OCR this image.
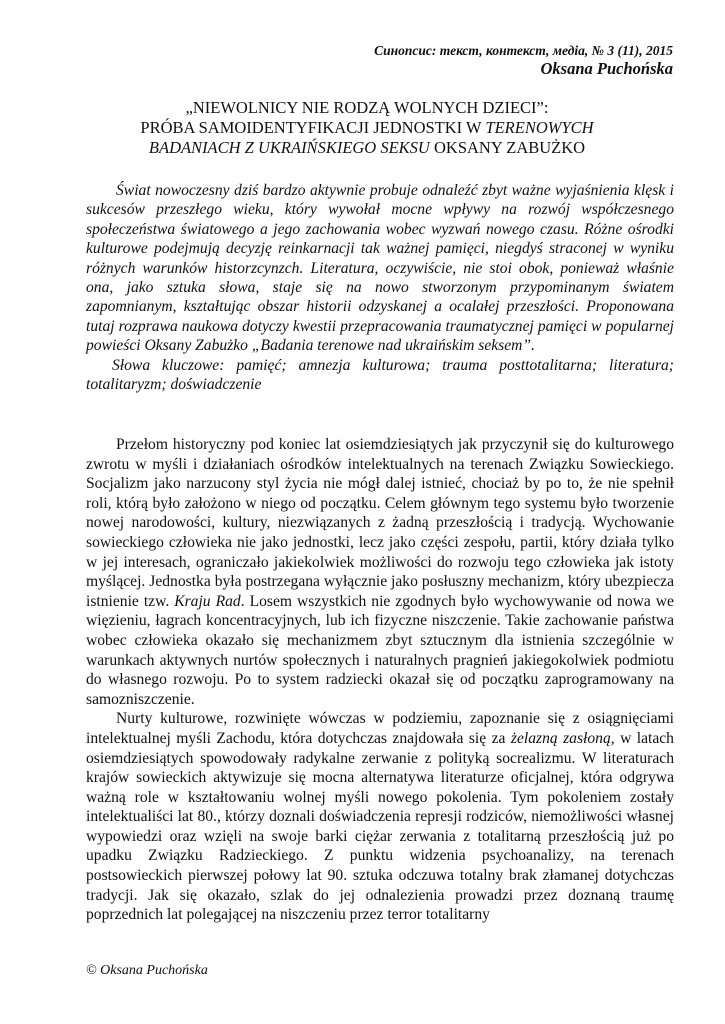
Синопсис: текст, контекст, медіа, № 3 (11), 2015
Oksana Puchońska
„NIEWOLNICY NIE RODZĄ WOLNYCH DZIECI”:
PRÓBA SAMOIDENTYFIKACJI JEDNOSTKI W TERENOWYCH
BADANIACH Z UKRAIŃSKIEGO SEKSU OKSANY ZABUŻKO

Świat nowoczesny dziś bardzo aktywnie probuje odnaleźć zbyt ważne wyjaśnienia klęsk i sukcesów przeszłego wieku, który wywołał mocne wpływy na rozwój współczesnego społeczeństwa światowego a jego zachowania wobec wyzwań nowego czasu. Różne ośrodki kulturowe podejmują decyzję reinkarnacji tak ważnej pamięci, niegdyś straconej w wyniku różnych warunków historzcynzch. Literatura, oczywiście, nie stoi obok, ponieważ właśnie ona, jako sztuka słowa, staje się na nowo stworzonym przypominanym światem zapomnianym, kształtując obszar historii odzyskanej a ocalałej przeszłości. Proponowana tutaj rozprawa naukowa dotyczy kwestii przepracowania traumatycznej pamięci w popularnej powieści Oksany Zabużko „Badania terenowe nad ukraińskim seksem”.

Słowa kluczowe: pamięć; amnezja kulturowa; trauma posttotalitarna; literatura; totalitaryzm; doświadczenie

Przełom historyczny pod koniec lat osiemdziesiątych jak przyczynił się do kulturowego zwrotu w myśli i działaniach ośrodków intelektualnych na terenach Związku Sowieckiego. Socjalizm jako narzucony styl życia nie mógł dalej istnieć, chociaż by po to, że nie spełnił roli, którą było założono w niego od początku. Celem głównym tego systemu było tworzenie nowej narodowości, kultury, niezwiązanych z żadną przeszłością i tradycją. Wychowanie sowieckiego człowieka nie jako jednostki, lecz jako części zespołu, partii, który działa tylko w jej interesach, ograniczało jakiekolwiek możliwości do rozwoju tego człowieka jak istoty myślącej. Jednostka była postrzegana wyłącznie jako posłuszny mechanizm, który ubezpiecza istnienie tzw. Kraju Rad. Losem wszystkich nie zgodnych było wychowywanie od nowa we więzieniu, łagrach koncentracyjnych, lub ich fizyczne niszczenie. Takie zachowanie państwa wobec człowieka okazało się mechanizmem zbyt sztucznym dla istnienia szczególnie w warunkach aktywnych nurtów społecznych i naturalnych pragnień jakiegokolwiek podmiotu do własnego rozwoju. Po to system radziecki okazał się od początku zaprogramowany na samozniszczenie.

Nurty kulturowe, rozwinięte wówczas w podziemiu, zapoznanie się z osiągnięciami intelektualnej myśli Zachodu, która dotychczas znajdowała się za żelazną zasłoną, w latach osiemdziesiątych spowodowały radykalne zerwanie z polityką socrealizmu. W literaturach krajów sowieckich aktywizuje się mocna alternatywa literaturze oficjalnej, która odgrywa ważną role w kształtowaniu wolnej myśli nowego pokolenia. Tym pokoleniem zostały intelektualiści lat 80., którzy doznali doświadczenia represji rodziców, niemożliwości własnej wypowiedzi oraz wzięli na swoje barki ciężar zerwania z totalitarną przeszłością już po upadku Związku Radzieckiego. Z punktu widzenia psychoanalizy, na terenach postsowieckich pierwszej połowy lat 90. sztuka odczuwa totalny brak złamanej dotychczas tradycji. Jak się okazało, szlak do jej odnalezienia prowadzi przez doznaną traumę poprzednich lat polegającej na niszczeniu przez terror totalitarny

© Oksana Puchońska
